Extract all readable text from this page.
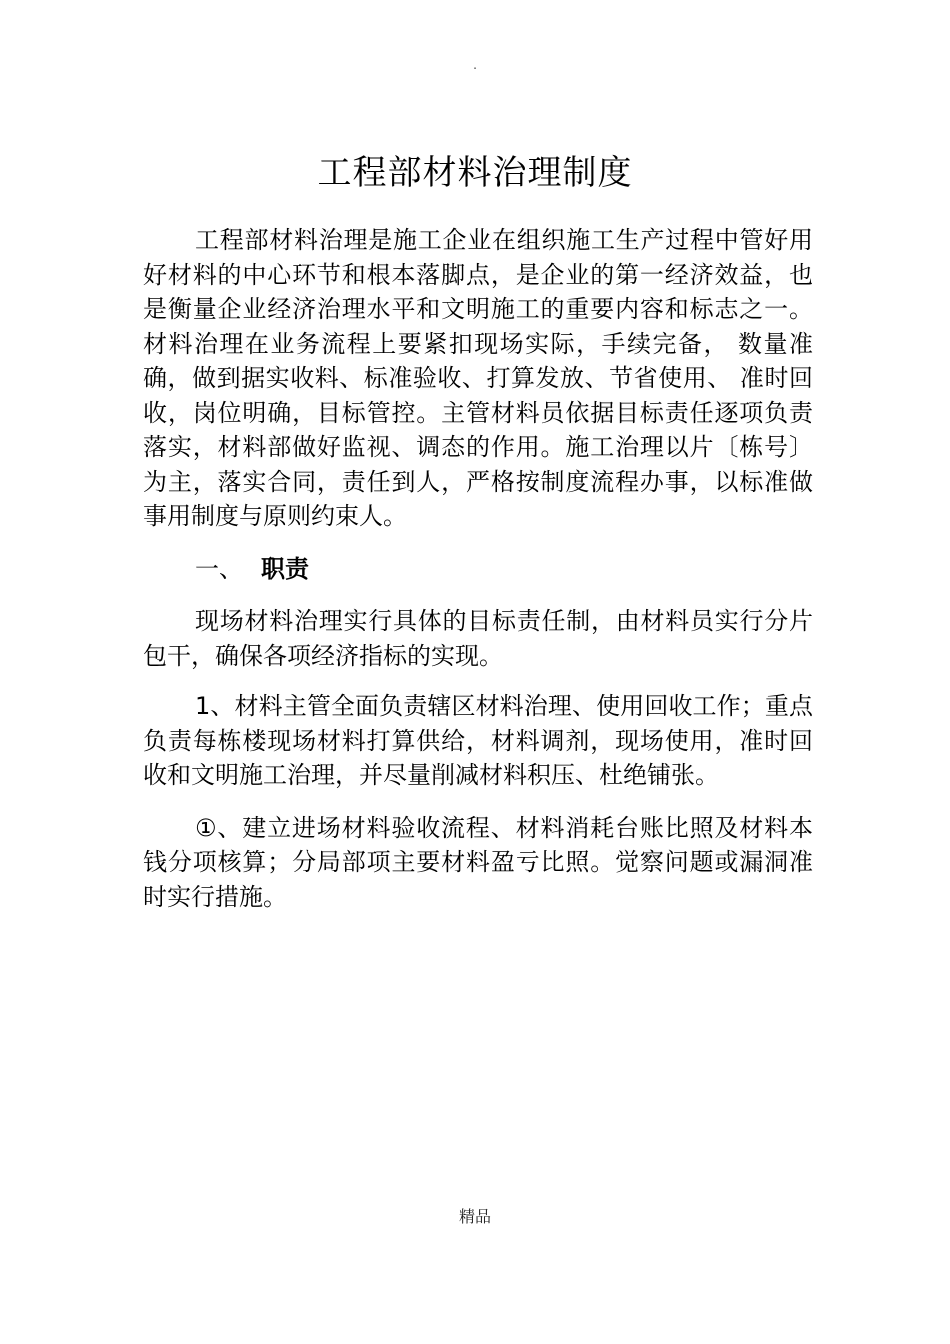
.
工程部材料治理制度

工程部材料治理是施工企业在组织施工生产过程中管好用好材料的中心环节和根本落脚点，是企业的第一经济效益，也是衡量企业经济治理水平和文明施工的重要内容和标志之一。材料治理在业务流程上要紧扣现场实际，手续完备， 数量准确，做到据实收料、标准验收、打算发放、节省使用、 准时回收，岗位明确，目标管控。主管材料员依据目标责任逐项负责落实，材料部做好监视、调态的作用。施工治理以片〔栋号〕为主，落实合同，责任到人，严格按制度流程办事，以标准做事用制度与原则约束人。

一、 职责

现场材料治理实行具体的目标责任制，由材料员实行分片包干，确保各项经济指标的实现。

1、材料主管全面负责辖区材料治理、使用回收工作；重点负责每栋楼现场材料打算供给，材料调剂，现场使用，准时回收和文明施工治理，并尽量削减材料积压、杜绝铺张。

①、建立进场材料验收流程、材料消耗台账比照及材料本钱分项核算；分局部项主要材料盈亏比照。觉察问题或漏洞准时实行措施。

精品
